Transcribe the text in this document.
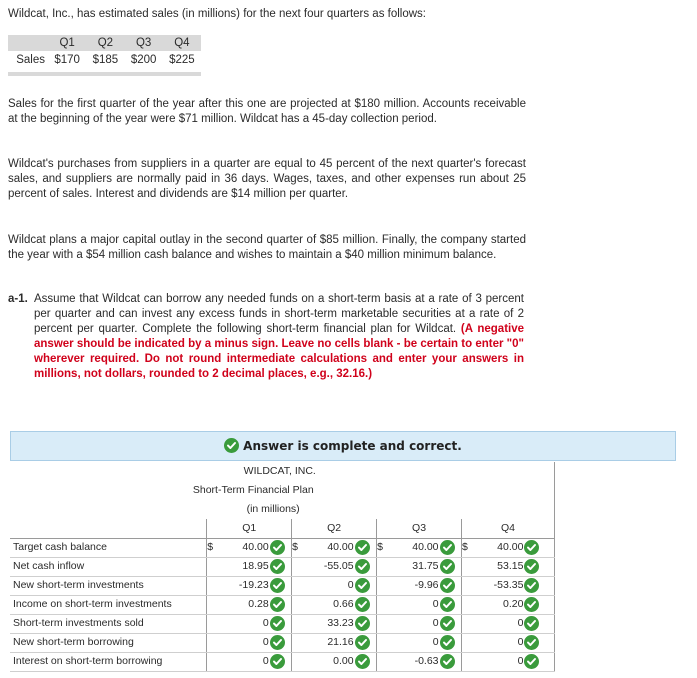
Wildcat, Inc., has estimated sales (in millions) for the next four quarters as follows:
	Q1	Q2	Q3	Q4
Sales	$170	$185	$200	$225
Sales for the first quarter of the year after this one are projected at $180 million. Accounts receivable at the beginning of the year were $71 million. Wildcat has a 45-day collection period.
Wildcat's purchases from suppliers in a quarter are equal to 45 percent of the next quarter's forecast sales, and suppliers are normally paid in 36 days. Wages, taxes, and other expenses run about 25 percent of sales. Interest and dividends are $14 million per quarter.
Wildcat plans a major capital outlay in the second quarter of $85 million. Finally, the company started the year with a $54 million cash balance and wishes to maintain a $40 million minimum balance.
a-1. Assume that Wildcat can borrow any needed funds on a short-term basis at a rate of 3 percent per quarter and can invest any excess funds in short-term marketable securities at a rate of 2 percent per quarter. Complete the following short-term financial plan for Wildcat. (A negative answer should be indicated by a minus sign. Leave no cells blank - be certain to enter "0" wherever required. Do not round intermediate calculations and enter your answers in millions, not dollars, rounded to 2 decimal places, e.g., 32.16.)
Answer is complete and correct.
	WILDCAT, INC.											
Short-Term Financial Plan												
(in millions)												
	Q1			Q2			Q3			Q4		
Target cash balance	$	40.00		$	40.00		$	40.00		$	40.00	

Net cash inflow		18.95			-55.05			31.75			53.15	

New short-term investments		-19.23			0			-9.96			-53.35	

Income on short-term investments		0.28			0.66			0			0.20	

Short-term investments sold		0			33.23			0			0	

New short-term borrowing		0			21.16			0			0	

Interest on short-term borrowing		0			0.00			-0.63			0	
